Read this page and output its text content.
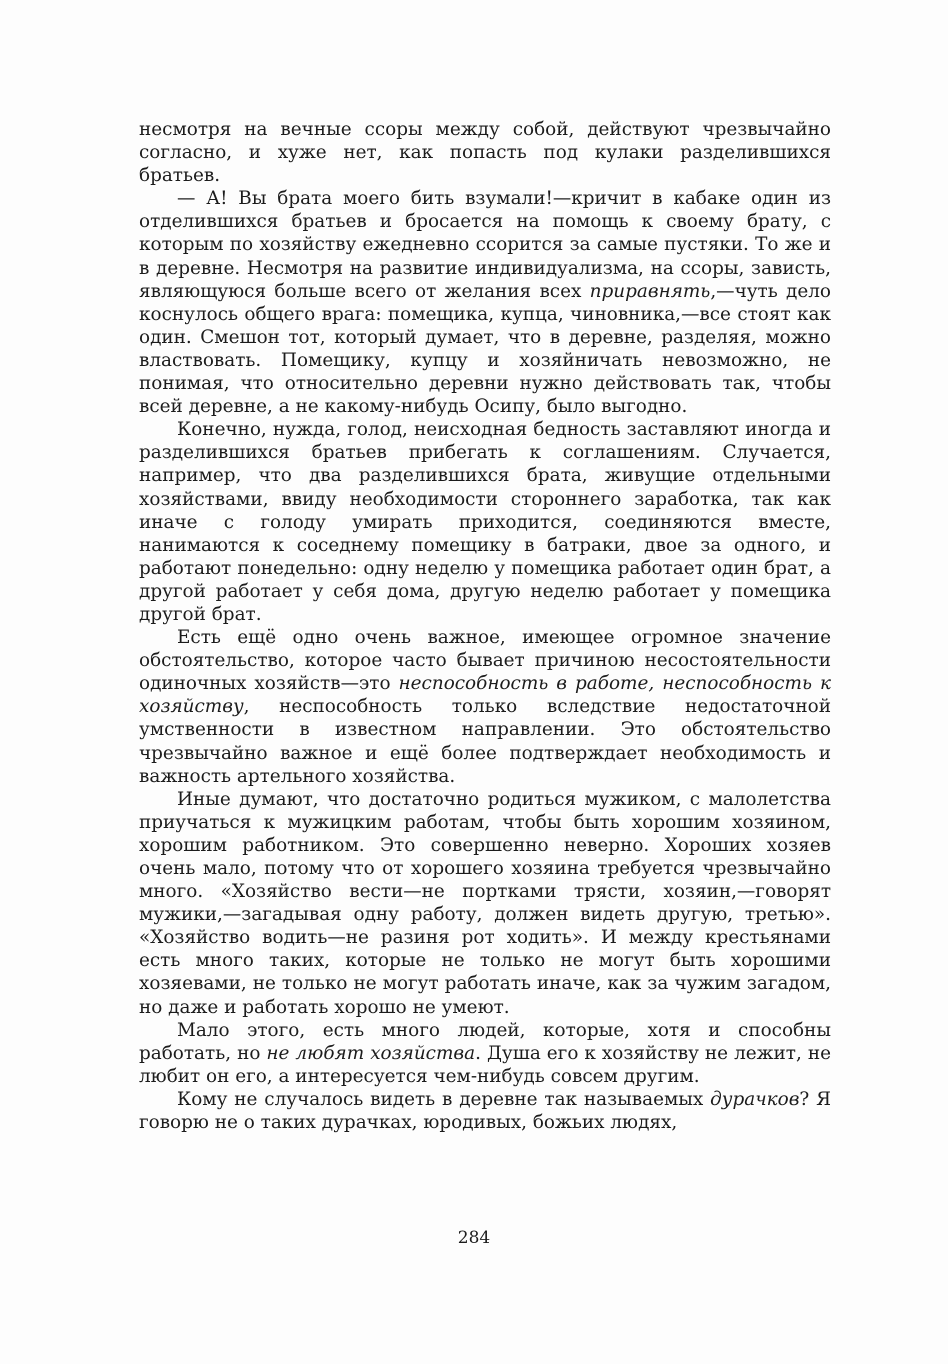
несмотря на вечные ссоры между собой, действуют чрезвычайно согласно, и хуже нет, как попасть под кулаки разделившихся братьев.

— А! Вы брата моего бить взумали!—кричит в кабаке один из отделившихся братьев и бросается на помощь к своему брату, с которым по хозяйству ежедневно ссорится за самые пустяки. То же и в деревне. Несмотря на развитие индивидуализма, на ссоры, зависть, являющуюся больше всего от желания всех приравнять,—чуть дело коснулось общего врага: помещика, купца, чиновника,—все стоят как один. Смешон тот, который думает, что в деревне, разделяя, можно властвовать. Помещику, купцу и хозяйничать невозможно, не понимая, что относительно деревни нужно действовать так, чтобы всей деревне, а не какому-нибудь Осипу, было выгодно.

Конечно, нужда, голод, неисходная бедность заставляют иногда и разделившихся братьев прибегать к соглашениям. Случается, например, что два разделившихся брата, живущие отдельными хозяйствами, ввиду необходимости стороннего заработка, так как иначе с голоду умирать приходится, соединяются вместе, нанимаются к соседнему помещику в батраки, двое за одного, и работают понедельно: одну неделю у помещика работает один брат, а другой работает у себя дома, другую неделю работает у помещика другой брат.

Есть ещё одно очень важное, имеющее огромное значение обстоятельство, которое часто бывает причиною несостоятельности одиночных хозяйств—это неспособность в работе, неспособность к хозяйству, неспособность только вследствие недостаточной умственности в известном направлении. Это обстоятельство чрезвычайно важное и ещё более подтверждает необходимость и важность артельного хозяйства.

Иные думают, что достаточно родиться мужиком, с малолетства приучаться к мужицким работам, чтобы быть хорошим хозяином, хорошим работником. Это совершенно неверно. Хороших хозяев очень мало, потому что от хорошего хозяина требуется чрезвычайно много. «Хозяйство вести—не портками трясти, хозяин,—говорят мужики,—загадывая одну работу, должен видеть другую, третью». «Хозяйство водить—не разиня рот ходить». И между крестьянами есть много таких, которые не только не могут быть хорошими хозяевами, не только не могут работать иначе, как за чужим загадом, но даже и работать хорошо не умеют.

Мало этого, есть много людей, которые, хотя и способны работать, но не любят хозяйства. Душа его к хозяйству не лежит, не любит он его, а интересуется чем-нибудь совсем другим.

Кому не случалось видеть в деревне так называемых дурачков? Я говорю не о таких дурачках, юродивых, божьих людях,

284
